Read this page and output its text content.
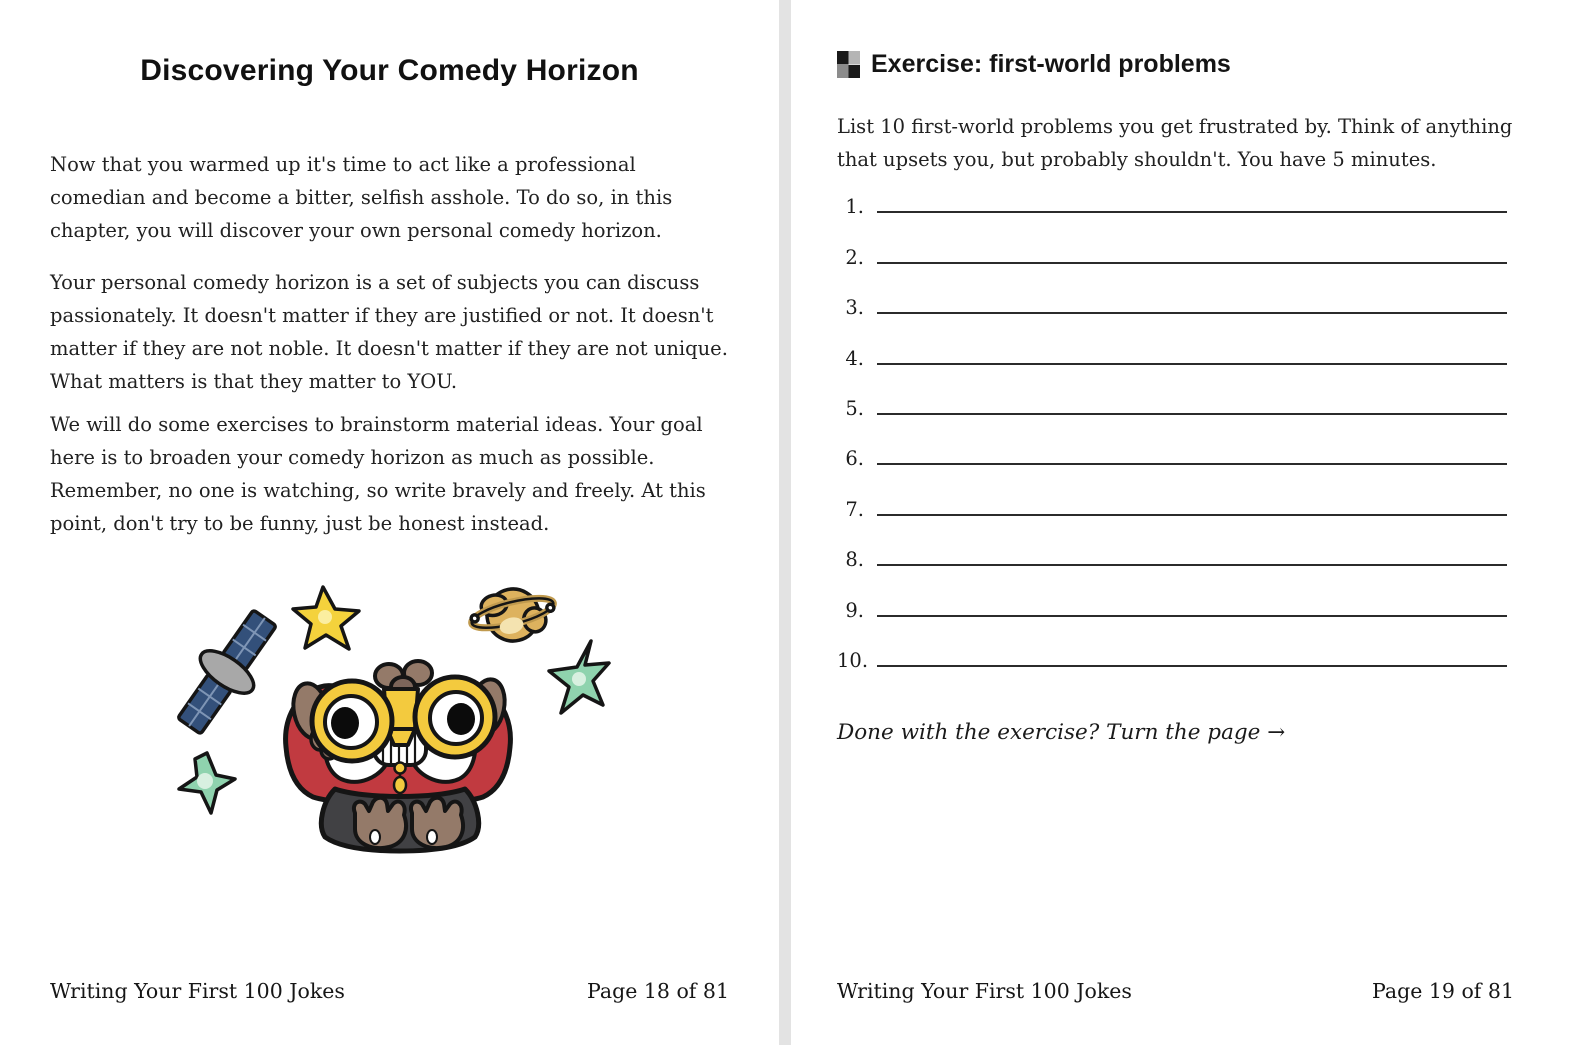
Discovering Your Comedy Horizon

Now that you warmed up it's time to act like a professional comedian and become a bitter, selfish asshole. To do so, in this chapter, you will discover your own personal comedy horizon.

Your personal comedy horizon is a set of subjects you can discuss passionately. It doesn't matter if they are justified or not. It doesn't matter if they are not noble. It doesn't matter if they are not unique. What matters is that they matter to YOU.

We will do some exercises to brainstorm material ideas. Your goal here is to broaden your comedy horizon as much as possible. Remember, no one is watching, so write bravely and freely. At this point, don't try to be funny, just be honest instead.

Writing Your First 100 Jokes	Page 18 of 81
Exercise: first-world problems

List 10 first-world problems you get frustrated by. Think of anything that upsets you, but probably shouldn't. You have 5 minutes.

1.
2.
3.
4.
5.
6.
7.
8.
9.
10.

Done with the exercise? Turn the page →

Writing Your First 100 Jokes	Page 19 of 81
